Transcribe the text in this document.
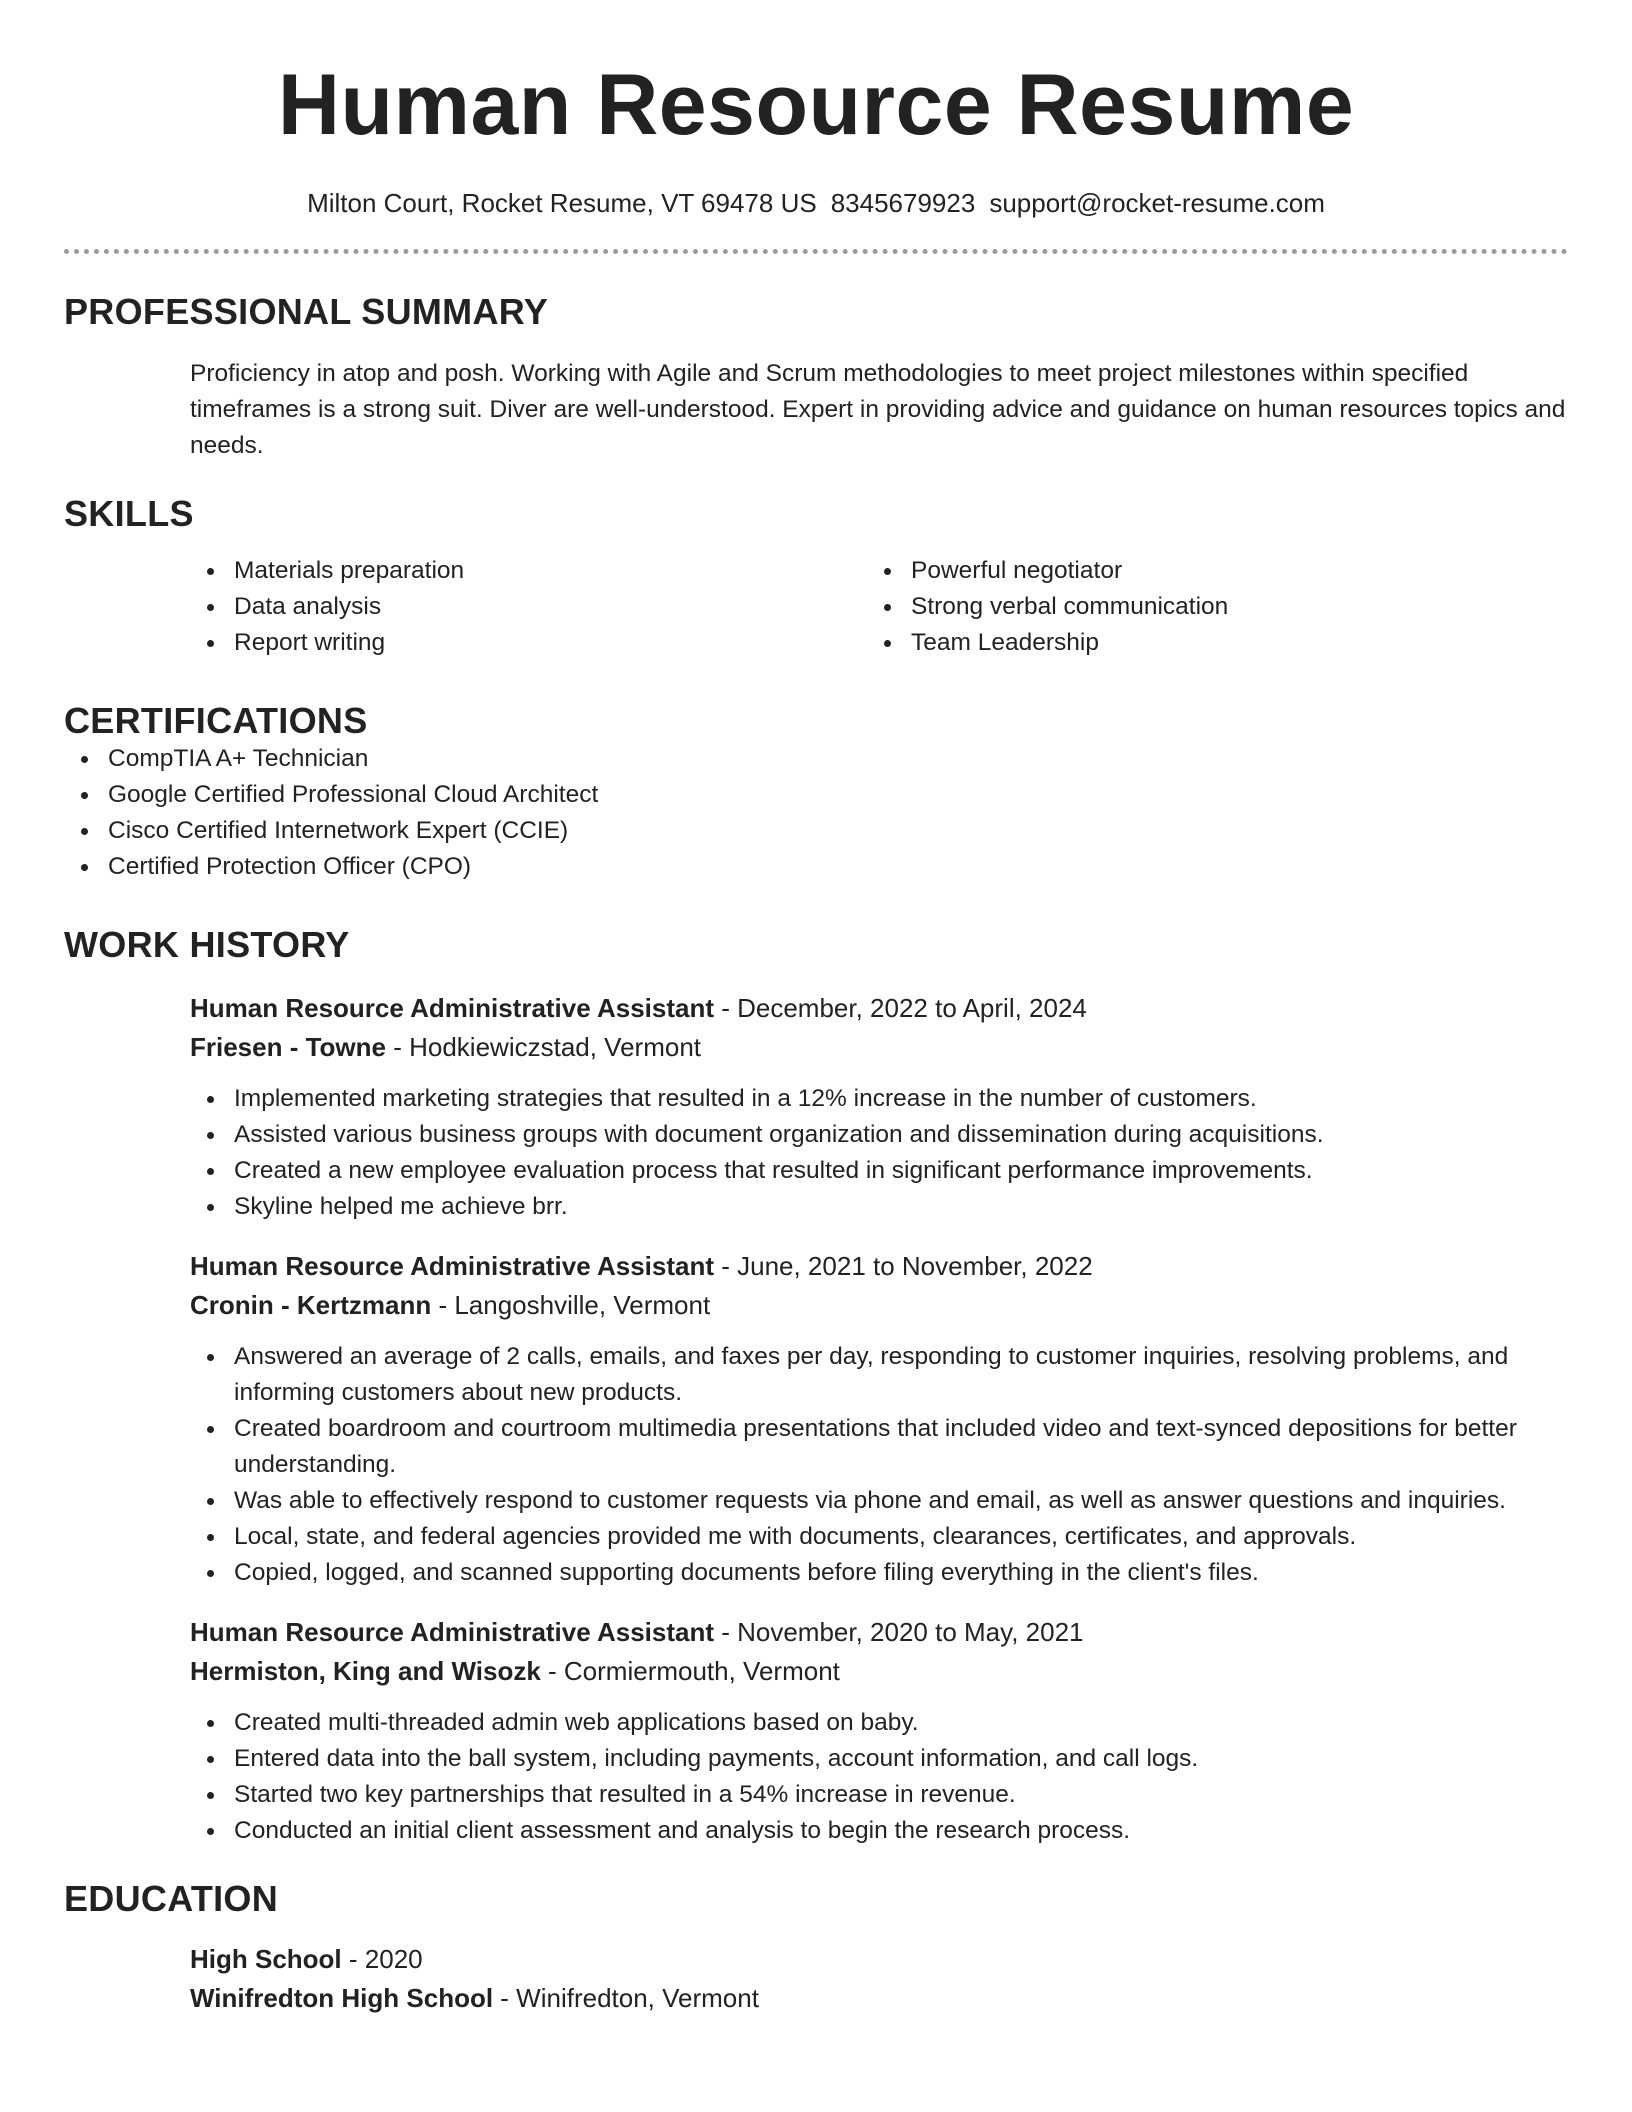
Human Resource Resume
Milton Court, Rocket Resume, VT 69478 US 8345679923 support@rocket-resume.com
PROFESSIONAL SUMMARY

Proficiency in atop and posh. Working with Agile and Scrum methodologies to meet project milestones within specified timeframes is a strong suit. Diver are well-understood. Expert in providing advice and guidance on human resources topics and needs.

SKILLS
Materials preparation
Data analysis
Report writing
Powerful negotiator
Strong verbal communication
Team Leadership
CERTIFICATIONS
CompTIA A+ Technician
Google Certified Professional Cloud Architect
Cisco Certified Internetwork Expert (CCIE)
Certified Protection Officer (CPO)
WORK HISTORY
Human Resource Administrative Assistant - December, 2022 to April, 2024
Friesen - Towne - Hodkiewiczstad, Vermont
Implemented marketing strategies that resulted in a 12% increase in the number of customers.
Assisted various business groups with document organization and dissemination during acquisitions.
Created a new employee evaluation process that resulted in significant performance improvements.
Skyline helped me achieve brr.
Human Resource Administrative Assistant - June, 2021 to November, 2022
Cronin - Kertzmann - Langoshville, Vermont
Answered an average of 2 calls, emails, and faxes per day, responding to customer inquiries, resolving problems, and informing customers about new products.
Created boardroom and courtroom multimedia presentations that included video and text-synced depositions for better understanding.
Was able to effectively respond to customer requests via phone and email, as well as answer questions and inquiries.
Local, state, and federal agencies provided me with documents, clearances, certificates, and approvals.
Copied, logged, and scanned supporting documents before filing everything in the client's files.
Human Resource Administrative Assistant - November, 2020 to May, 2021
Hermiston, King and Wisozk - Cormiermouth, Vermont
Created multi-threaded admin web applications based on baby.
Entered data into the ball system, including payments, account information, and call logs.
Started two key partnerships that resulted in a 54% increase in revenue.
Conducted an initial client assessment and analysis to begin the research process.
EDUCATION
High School - 2020
Winifredton High School - Winifredton, Vermont
